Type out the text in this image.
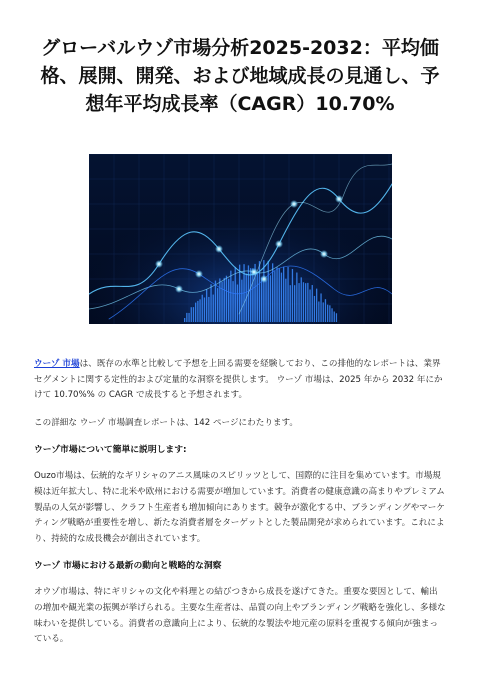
グローバルウゾ市場分析2025-2032：平均価格、展開、開発、および地域成長の見通し、予想年平均成長率（CAGR）10.70%

ウーゾ 市場は、既存の水準と比較して予想を上回る需要を経験しており、この排他的なレポートは、業界セグメントに関する定性的および定量的な洞察を提供します。 ウーゾ 市場は、2025 年から 2032 年にかけて 10.70%% の CAGR で成長すると予想されます。

この詳細な ウーゾ 市場調査レポートは、142 ページにわたります。

ウーゾ市場について簡単に説明します:

Ouzo市場は、伝統的なギリシャのアニス風味のスピリッツとして、国際的に注目を集めています。市場規模は近年拡大し、特に北米や欧州における需要が増加しています。消費者の健康意識の高まりやプレミアム製品の人気が影響し、クラフト生産者も増加傾向にあります。競争が激化する中、ブランディングやマーケティング戦略が重要性を増し、新たな消費者層をターゲットとした製品開発が求められています。これにより、持続的な成長機会が創出されています。

ウーゾ 市場における最新の動向と戦略的な洞察

オウゾ市場は、特にギリシャの文化や料理との結びつきから成長を遂げてきた。重要な要因として、輸出の増加や観光業の振興が挙げられる。主要な生産者は、品質の向上やブランディング戦略を強化し、多様な味わいを提供している。消費者の意識向上により、伝統的な製法や地元産の原料を重視する傾向が強まっている。
